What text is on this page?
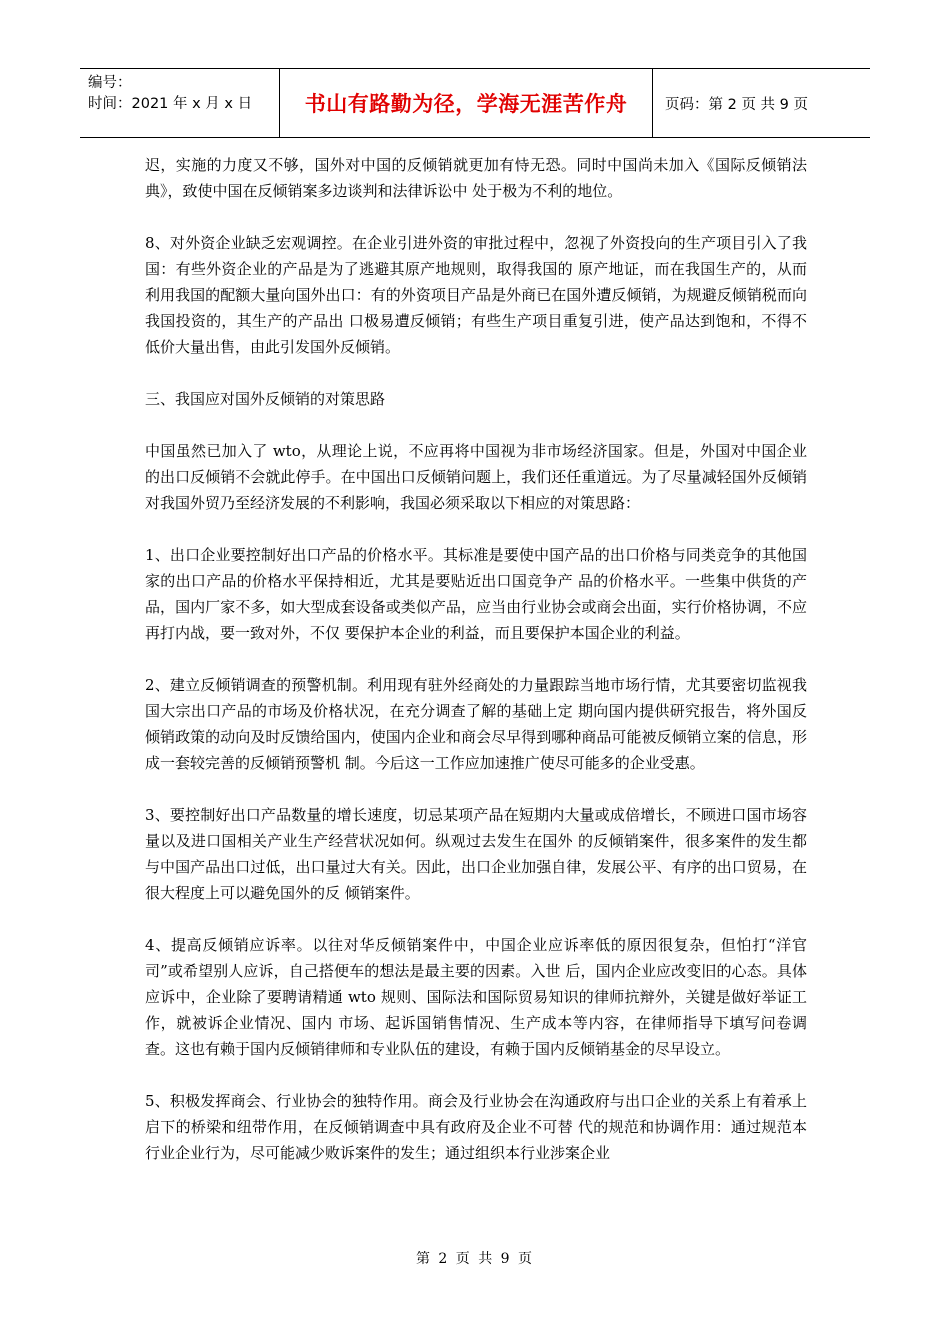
编号：
时间：2021 年 x 月 x 日	书山有路勤为径，学海无涯苦作舟	页码：第 2 页 共 9 页

迟，实施的力度又不够，国外对中国的反倾销就更加有恃无恐。同时中国尚未加入《国际反倾销法典》，致使中国在反倾销案多边谈判和法律诉讼中 处于极为不利的地位。

8、对外资企业缺乏宏观调控。在企业引进外资的审批过程中，忽视了外资投向的生产项目引入了我国：有些外资企业的产品是为了逃避其原产地规则，取得我国的 原产地证，而在我国生产的，从而利用我国的配额大量向国外出口：有的外资项目产品是外商已在国外遭反倾销，为规避反倾销税而向我国投资的，其生产的产品出 口极易遭反倾销；有些生产项目重复引进，使产品达到饱和，不得不低价大量出售，由此引发国外反倾销。

三、我国应对国外反倾销的对策思路

中国虽然已加入了 wto，从理论上说，不应再将中国视为非市场经济国家。但是，外国对中国企业的出口反倾销不会就此停手。在中国出口反倾销问题上，我们还任重道远。为了尽量减轻国外反倾销对我国外贸乃至经济发展的不利影响，我国必须采取以下相应的对策思路：

1、出口企业要控制好出口产品的价格水平。其标准是要使中国产品的出口价格与同类竞争的其他国家的出口产品的价格水平保持相近，尤其是要贴近出口国竞争产 品的价格水平。一些集中供货的产品，国内厂家不多，如大型成套设备或类似产品，应当由行业协会或商会出面，实行价格协调，不应再打内战，要一致对外，不仅 要保护本企业的利益，而且要保护本国企业的利益。

2、建立反倾销调查的预警机制。利用现有驻外经商处的力量跟踪当地市场行情，尤其要密切监视我国大宗出口产品的市场及价格状况，在充分调查了解的基础上定 期向国内提供研究报告，将外国反倾销政策的动向及时反馈给国内，使国内企业和商会尽早得到哪种商品可能被反倾销立案的信息，形成一套较完善的反倾销预警机 制。今后这一工作应加速推广使尽可能多的企业受惠。

3、要控制好出口产品数量的增长速度，切忌某项产品在短期内大量或成倍增长，不顾进口国市场容量以及进口国相关产业生产经营状况如何。纵观过去发生在国外 的反倾销案件，很多案件的发生都与中国产品出口过低，出口量过大有关。因此，出口企业加强自律，发展公平、有序的出口贸易，在很大程度上可以避免国外的反 倾销案件。

4、提高反倾销应诉率。以往对华反倾销案件中，中国企业应诉率低的原因很复杂，但怕打“洋官司”或希望别人应诉，自己搭便车的想法是最主要的因素。入世 后，国内企业应改变旧的心态。具体应诉中，企业除了要聘请精通 wto 规则、国际法和国际贸易知识的律师抗辩外，关键是做好举证工作，就被诉企业情况、国内 市场、起诉国销售情况、生产成本等内容，在律师指导下填写问卷调查。这也有赖于国内反倾销律师和专业队伍的建设，有赖于国内反倾销基金的尽早设立。

5、积极发挥商会、行业协会的独特作用。商会及行业协会在沟通政府与出口企业的关系上有着承上启下的桥梁和纽带作用，在反倾销调查中具有政府及企业不可替 代的规范和协调作用：通过规范本行业企业行为，尽可能减少败诉案件的发生；通过组织本行业涉案企业

第 2 页 共 9 页
